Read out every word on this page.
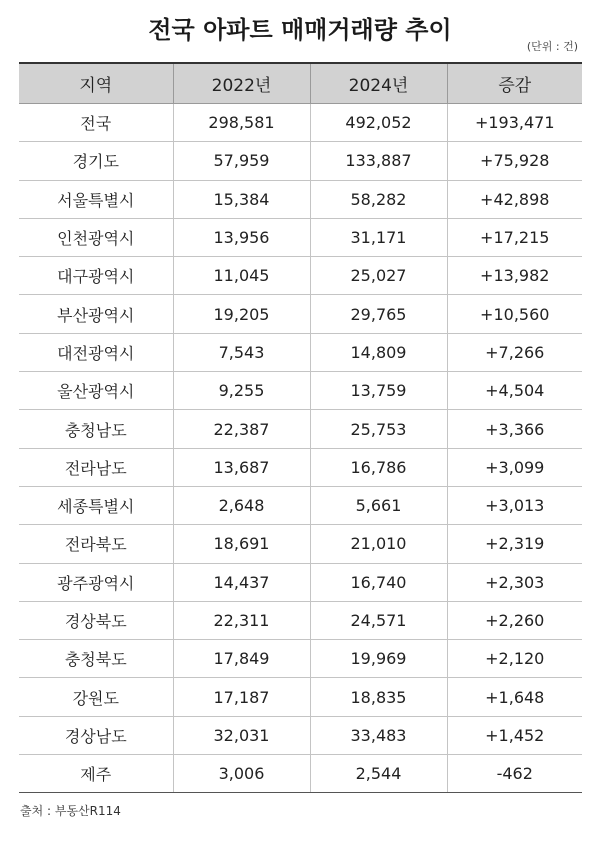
전국 아파트 매매거래량 추이
(단위 : 건)
지역	2022년	2024년	증감
전국	298,581	492,052	+193,471
경기도	57,959	133,887	+75,928
서울특별시	15,384	58,282	+42,898
인천광역시	13,956	31,171	+17,215
대구광역시	11,045	25,027	+13,982
부산광역시	19,205	29,765	+10,560
대전광역시	7,543	14,809	+7,266
울산광역시	9,255	13,759	+4,504
충청남도	22,387	25,753	+3,366
전라남도	13,687	16,786	+3,099
세종특별시	2,648	5,661	+3,013
전라북도	18,691	21,010	+2,319
광주광역시	14,437	16,740	+2,303
경상북도	22,311	24,571	+2,260
충청북도	17,849	19,969	+2,120
강원도	17,187	18,835	+1,648
경상남도	32,031	33,483	+1,452
제주	3,006	2,544	-462
출처 : 부동산R114
